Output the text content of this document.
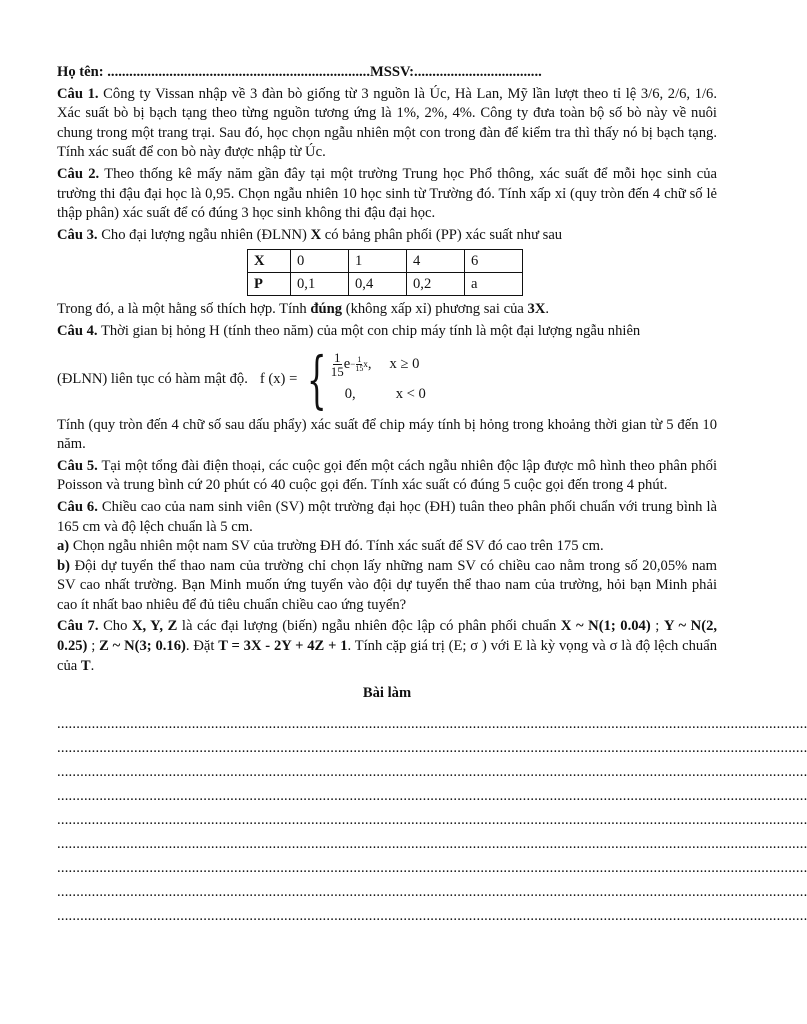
Họ tên: ........................................................................MSSV:...................................

Câu 1. Công ty Vissan nhập về 3 đàn bò giống từ 3 nguồn là Úc, Hà Lan, Mỹ lần lượt theo tỉ lệ 3/6, 2/6, 1/6. Xác suất bò bị bạch tạng theo từng nguồn tương ứng là 1%, 2%, 4%. Công ty đưa toàn bộ số bò này về nuôi chung trong một trang trại. Sau đó, học chọn ngẫu nhiên một con trong đàn để kiểm tra thì thấy nó bị bạch tạng. Tính xác suất để con bò này được nhập từ Úc.

Câu 2. Theo thống kê mấy năm gần đây tại một trường Trung học Phổ thông, xác suất để mỗi học sinh của trường thi đậu đại học là 0,95. Chọn ngẫu nhiên 10 học sinh từ Trường đó. Tính xấp xỉ (quy tròn đến 4 chữ số lẻ thập phân) xác suất để có đúng 3 học sinh không thi đậu đại học.

Câu 3. Cho đại lượng ngẫu nhiên (ĐLNN) X có bảng phân phối (PP) xác suất như sau

X	0	1	4	6
P	0,1	0,4	0,2	a

Trong đó, a là một hằng số thích hợp. Tính đúng (không xấp xỉ) phương sai của 3X.

Câu 4. Thời gian bị hỏng H (tính theo năm) của một con chip máy tính là một đại lượng ngẫu nhiên

(ĐLNN) liên tục có hàm mật độ. f (x) = { $\frac{1}{15}$ $e - \frac{1}{15}$ x , x ≥ 0
0,	x < 0

Tính (quy tròn đến 4 chữ số sau dấu phẩy) xác suất để chip máy tính bị hỏng trong khoảng thời gian từ 5 đến 10 năm.

Câu 5. Tại một tổng đài điện thoại, các cuộc gọi đến một cách ngẫu nhiên độc lập được mô hình theo phân phối Poisson và trung bình cứ 20 phút có 40 cuộc gọi đến. Tính xác suất có đúng 5 cuộc gọi đến trong 4 phút.

Câu 6. Chiều cao của nam sinh viên (SV) một trường đại học (ĐH) tuân theo phân phối chuẩn với trung bình là 165 cm và độ lệch chuẩn là 5 cm.

a) Chọn ngẫu nhiên một nam SV của trường ĐH đó. Tính xác suất để SV đó cao trên 175 cm.

b) Đội dự tuyển thể thao nam của trường chỉ chọn lấy những nam SV có chiều cao nằm trong số 20,05% nam SV cao nhất trường. Bạn Minh muốn ứng tuyển vào đội dự tuyển thể thao nam của trường, hỏi bạn Minh phải cao ít nhất bao nhiêu để đủ tiêu chuẩn chiều cao ứng tuyển?

Câu 7. Cho X, Y, Z là các đại lượng (biến) ngẫu nhiên độc lập có phân phối chuẩn X ~ N(1; 0.04) ; Y ~ N(2, 0.25) ; Z ~ N(3; 0.16). Đặt T = 3X - 2Y + 4Z + 1. Tính cặp giá trị (E; σ ) với E là kỳ vọng và σ là độ lệch chuẩn của T.

Bài làm
...................................................................................................................................................................................................
...................................................................................................................................................................................................
...................................................................................................................................................................................................
...................................................................................................................................................................................................
...................................................................................................................................................................................................
...................................................................................................................................................................................................
...................................................................................................................................................................................................
...................................................................................................................................................................................................
...................................................................................................................................................................................................
